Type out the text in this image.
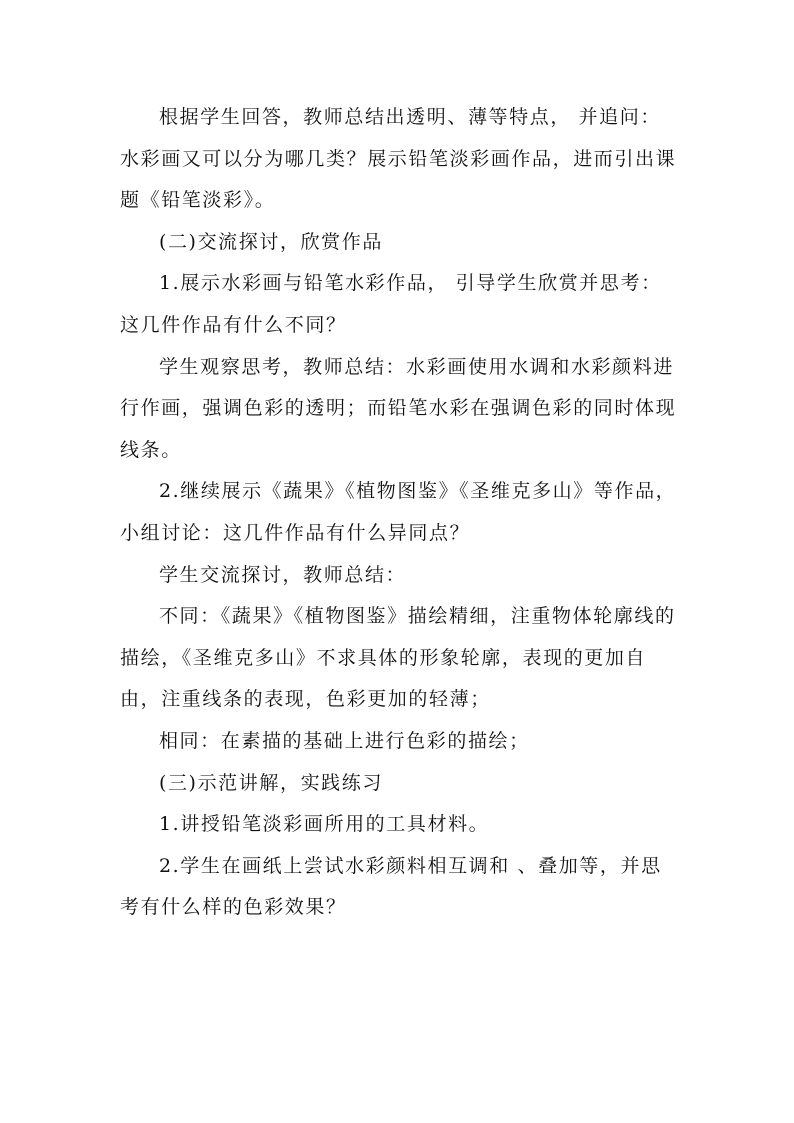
根据学生回答，教师总结出透明、薄等特点， 并追问：水彩画又可以分为哪几类？展示铅笔淡彩画作品，进而引出课题《铅笔淡彩》。

(二)交流探讨，欣赏作品

1.展示水彩画与铅笔水彩作品， 引导学生欣赏并思考：这几件作品有什么不同？

学生观察思考，教师总结：水彩画使用水调和水彩颜料进行作画，强调色彩的透明；而铅笔水彩在强调色彩的同时体现线条。

2.继续展示《蔬果》《植物图鉴》《圣维克多山》等作品，小组讨论：这几件作品有什么异同点？

学生交流探讨，教师总结：

不同：《蔬果》《植物图鉴》描绘精细，注重物体轮廓线的描绘，《圣维克多山》不求具体的形象轮廓，表现的更加自由，注重线条的表现，色彩更加的轻薄；

相同：在素描的基础上进行色彩的描绘；

(三)示范讲解，实践练习

1.讲授铅笔淡彩画所用的工具材料。

2.学生在画纸上尝试水彩颜料相互调和 、叠加等，并思考有什么样的色彩效果？
